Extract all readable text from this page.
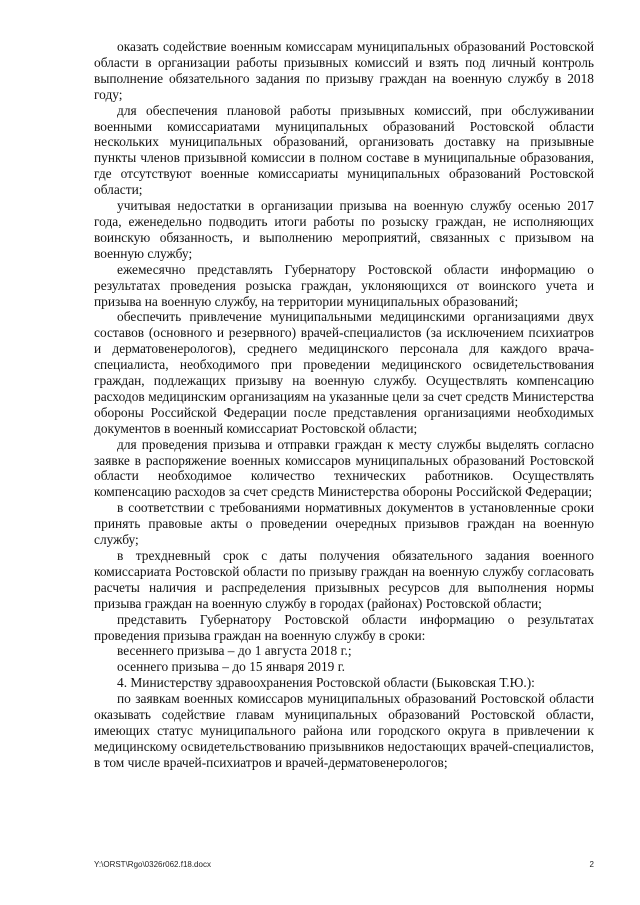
оказать содействие военным комиссарам муниципальных образований Ростовской области в организации работы призывных комиссий и взять под личный контроль выполнение обязательного задания по призыву граждан на военную службу в 2018 году;

для обеспечения плановой работы призывных комиссий, при обслуживании военными комиссариатами муниципальных образований Ростовской области нескольких муниципальных образований, организовать доставку на призывные пункты членов призывной комиссии в полном составе в муниципальные образования, где отсутствуют военные комиссариаты муниципальных образований Ростовской области;

учитывая недостатки в организации призыва на военную службу осенью 2017 года, еженедельно подводить итоги работы по розыску граждан, не исполняющих воинскую обязанность, и выполнению мероприятий, связанных с призывом на военную службу;

ежемесячно представлять Губернатору Ростовской области информацию о результатах проведения розыска граждан, уклоняющихся от воинского учета и призыва на военную службу, на территории муниципальных образований;

обеспечить привлечение муниципальными медицинскими организациями двух составов (основного и резервного) врачей-специалистов (за исключением психиатров и дерматовенерологов), среднего медицинского персонала для каждого врача-специалиста, необходимого при проведении медицинского освидетельствования граждан, подлежащих призыву на военную службу. Осуществлять компенсацию расходов медицинским организациям на указанные цели за счет средств Министерства обороны Российской Федерации после представления организациями необходимых документов в военный комиссариат Ростовской области;

для проведения призыва и отправки граждан к месту службы выделять согласно заявке в распоряжение военных комиссаров муниципальных образований Ростовской области необходимое количество технических работников. Осуществлять компенсацию расходов за счет средств Министерства обороны Российской Федерации;

в соответствии с требованиями нормативных документов в установленные сроки принять правовые акты о проведении очередных призывов граждан на военную службу;

в трехдневный срок с даты получения обязательного задания военного комиссариата Ростовской области по призыву граждан на военную службу согласовать расчеты наличия и распределения призывных ресурсов для выполнения нормы призыва граждан на военную службу в городах (районах) Ростовской области;

представить Губернатору Ростовской области информацию о результатах проведения призыва граждан на военную службу в сроки:

весеннего призыва – до 1 августа 2018 г.;

осеннего призыва – до 15 января 2019 г.

4. Министерству здравоохранения Ростовской области (Быковская Т.Ю.):

по заявкам военных комиссаров муниципальных образований Ростовской области оказывать содействие главам муниципальных образований Ростовской области, имеющих статус муниципального района или городского округа в привлечении к медицинскому освидетельствованию призывников недостающих врачей-специалистов, в том числе врачей-психиатров и врачей-дерматовенерологов;

Y:\ORST\Rgo\0326r062.f18.docx	2
